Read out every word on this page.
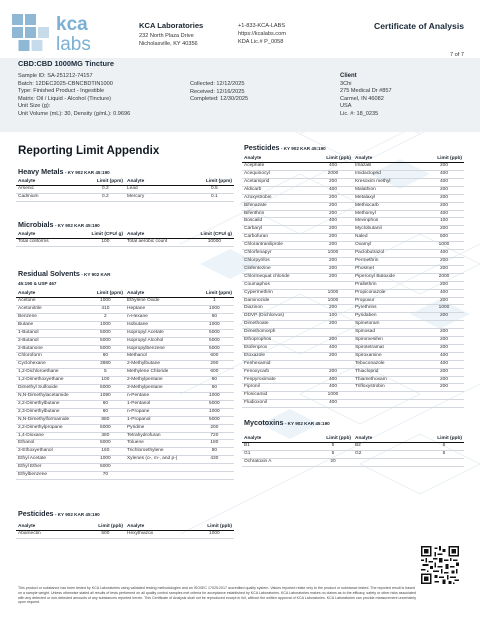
kca
labs
KCA Laboratories
232 North Plaza Drive
Nicholasville, KY 40356
+1-833-KCA-LABS
https://kcalabs.com
KDA Lic.# P_0058
Certificate of Analysis
7 of 7
CBD:CBD 1000MG Tincture
Sample ID: SA-251212-74157
Batch: 12DEC2025-CBNCBDTIN1000
Type: Finished Product - Ingestible
Matrix: Oil / Liquid - Alcohol (Tincture)
Unit Size (g):
Unit Volume (mL): 30, Density (g/mL): 0.9696
Collected: 12/12/2025
Received: 12/16/2025
Completed: 12/30/2025
Client
3Chi
275 Medical Dr #857
Carmel, IN 46082
USA
Lic. #: 18_0235
Reporting Limit Appendix
Heavy Metals - KY 902 KAR 45:190
Analyte	Limit (ppm)	Analyte	Limit (ppm)
Arsenic	0.2	Lead	0.5
Cadmium	0.2	Mercury	0.1
Microbials - KY 902 KAR 45:190
Analyte	Limit (CFU/ g)	Analyte	Limit (CFU/ g)
Total coliforms	100	Total aerobic count	10000
Residual Solvents - KY 902 KAR
45:190 & USP 467
Analyte	Limit (ppm)	Analyte	Limit (ppm)
Acetone	1000	Ethylene Oxide	1
Acetonitrile	410	Heptane	1000
Benzene	2	n-Hexane	60
Butane	1000	Isobutane	1000
1-Butanol	5000	Isopropyl Acetate	5000
2-Butanol	5000	Isopropyl Alcohol	5000
2-Butanone	5000	Isopropylbenzene	5000
Chloroform	60	Methanol	600
Cyclohexane	3880	2-Methylbutane	290
1,2-Dichloroethane	5	Methylene Chloride	600
1,2-Dimethoxyethane	100	2-Methylpentane	60
Dimethyl Sulfoxide	5000	3-Methylpentane	60
N,N-Dimethylacetamide	1090	n-Pentane	1000
2,2-Dimethylbutane	60	1-Pentanol	5000
2,3-Dimethylbutane	60	n-Propane	1000
N,N-Dimethylformamide	880	1-Propanol	5000
2,2-Dimethylpropane	5000	Pyridine	200
1,4-Dioxane	380	Tetrahydrofuran	720
Ethanol	5000	Toluene	180
2-Ethoxyethanol	160	Trichloroethylene	80
Ethyl Acetate	1000	Xylenes (o-, m-, and p-)	430
Ethyl Ether	5000		
Ethylbenzene	70		
Pesticides - KY 902 KAR 45:190
Analyte	Limit (ppb)	Analyte	Limit (ppb)
Acephate	400	Imazalil	200
Acequinocyl	2000	Imidacloprid	400
Acetamiprid	200	Kresoxim methyl	400
Aldicarb	400	Malathion	200
Azoxystrobin	200	Metalaxyl	200
Bifenazate	200	Methiocarb	200
Bifenthrin	200	Methomyl	400
Boscalid	400	Mevinphos	100
Carbaryl	200	Myclobutanil	200
Carbofuran	200	Naled	500
Chlorantraniliprole	200	Oxamyl	1000
Chlorfenapyr	1000	Paclobutrazol	400
Chlorpyrifos	200	Permethrin	200
Clofentezine	200	Phosmet	200
Chlormequat chloride	200	Piperonyl Butoxide	2000
Coumaphos		Prallethrin	200
Cypermethrin	1000	Propiconazole	400
Daminozide	1000	Propoxur	200
Diazinon	200	Pyrethrins	1000
DDVP (Dichlorvos)	100	Pyridaben	200
Dimethoate	200	Spinetoram	
Dimethomorph		Spinosad	200
Ethoprophos	200	Spiromesifen	200
Etofenprox	400	Spirotetramat	200
Etoxazole	200	Spiroxamine	400
Fenhexamid		Tebuconazole	400
Fenoxycarb	200	Thiacloprid	200
Fenpyroximate	400	Thiamethoxam	200
Fipronil	400	Trifloxystrobin	200
Flonicamid	1000		
Fludioxonil	400		
Mycotoxins - KY 902 KAR 45:190
Analyte	Limit (ppb)	Analyte	Limit (ppb)
B1	5	B2	5
G1	5	G2	5
Ochratoxin A	20		
Pesticides - KY 902 KAR 45:190
Analyte	Limit (ppb)	Analyte	Limit (ppb)
Abamectin	500	Hexythiazox	1000
This product or substance has been tested by KCA Laboratories using validated testing methodologies and an ISO/IEC 17025:2017 accredited quality system. Values reported relate only to the product or substance tested. The reported result is based on a sample weight. Unless otherwise stated all results of tests performed on all quality control samples met criteria for acceptance established by KCA Laboratories. KCA Laboratories makes no claims as to the efficacy, safety or other risks associated with any detected or non-detected amounts of any substances reported herein. This Certificate of Analysis shall not be reproduced except in full, without the written approval of KCA Laboratories. KCA Laboratories can provide measurement uncertainty upon request.
